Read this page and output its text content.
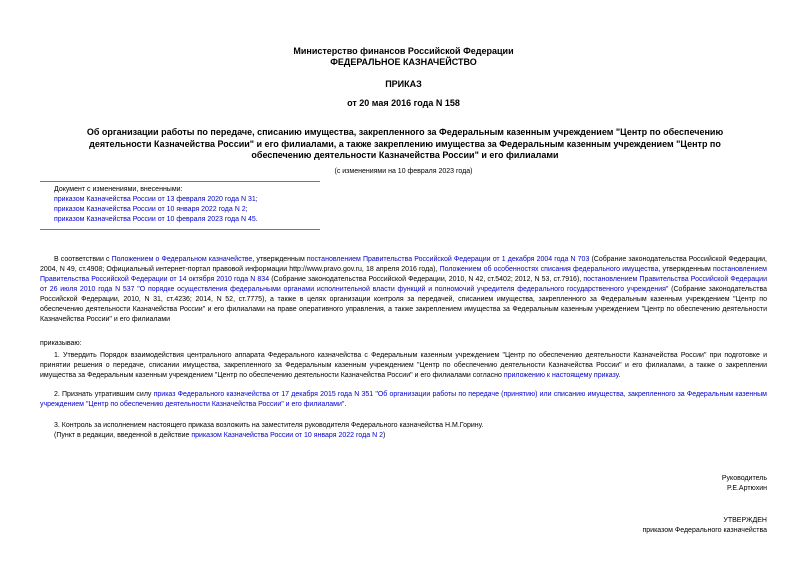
Министерство финансов Российской Федерации
ФЕДЕРАЛЬНОЕ КАЗНАЧЕЙСТВО
ПРИКАЗ
от 20 мая 2016 года N 158
Об организации работы по передаче, списанию имущества, закрепленного за Федеральным казенным учреждением "Центр по обеспечению деятельности Казначейства России" и его филиалами, а также закреплению имущества за Федеральным казенным учреждением "Центр по обеспечению деятельности Казначейства России" и его филиалами
(с изменениями на 10 февраля 2023 года)
Документ с изменениями, внесенными:
приказом Казначейства России от 13 февраля 2020 года N 31;
приказом Казначейства России от 10 января 2022 года N 2;
приказом Казначейства России от 10 февраля 2023 года N 45.
В соответствии с Положением о Федеральном казначействе, утвержденным постановлением Правительства Российской Федерации от 1 декабря 2004 года N 703 (Собрание законодательства Российской Федерации, 2004, N 49, ст.4908; Официальный интернет-портал правовой информации http://www.pravo.gov.ru, 18 апреля 2016 года), Положением об особенностях списания федерального имущества, утвержденным постановлением Правительства Российской Федерации от 14 октября 2010 года N 834 (Собрание законодательства Российской Федерации, 2010, N 42, ст.5402; 2012, N 53, ст.7916), постановлением Правительства Российской Федерации от 26 июля 2010 года N 537 "О порядке осуществления федеральными органами исполнительной власти функций и полномочий учредителя федерального государственного учреждения" (Собрание законодательства Российской Федерации, 2010, N 31, ст.4236; 2014, N 52, ст.7775), а также в целях организации контроля за передачей, списанием имущества, закрепленного за Федеральным казенным учреждением "Центр по обеспечению деятельности Казначейства России" и его филиалами на праве оперативного управления, а также закреплением имущества за Федеральным казенным учреждением "Центр по обеспечению деятельности Казначейства России" и его филиалами
приказываю:
1. Утвердить Порядок взаимодействия центрального аппарата Федерального казначейства с Федеральным казенным учреждением "Центр по обеспечению деятельности Казначейства России" при подготовке и принятии решения о передаче, списании имущества, закрепленного за Федеральным казенным учреждением "Центр по обеспечению деятельности Казначейства России" и его филиалами, а также о закреплении имущества за Федеральным казенным учреждением "Центр по обеспечению деятельности Казначейства России" и его филиалами согласно приложению к настоящему приказу.
2. Признать утратившим силу приказ Федерального казначейства от 17 декабря 2015 года N 351 "Об организации работы по передаче (принятию) или списанию имущества, закрепленного за Федеральным казенным учреждением "Центр по обеспечению деятельности Казначейства России" и его филиалами".
3. Контроль за исполнением настоящего приказа возложить на заместителя руководителя Федерального казначейства Н.М.Горину.
(Пункт в редакции, введенной в действие приказом Казначейства России от 10 января 2022 года N 2)
Руководитель
Р.Е.Артюхин
УТВЕРЖДЕН
приказом Федерального казначейства
